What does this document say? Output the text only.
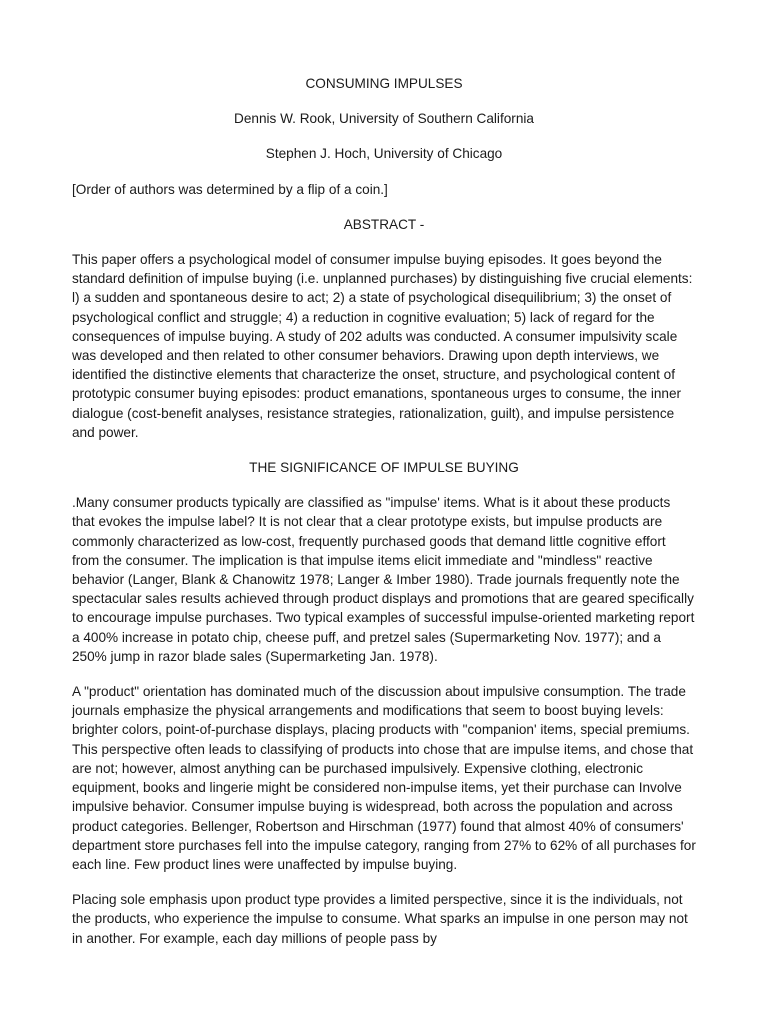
CONSUMING IMPULSES

Dennis W. Rook, University of Southern California

Stephen J. Hoch, University of Chicago

[Order of authors was determined by a flip of a coin.]

ABSTRACT -

This paper offers a psychological model of consumer impulse buying episodes. It goes beyond the standard definition of impulse buying (i.e. unplanned purchases) by distinguishing five crucial elements: l) a sudden and spontaneous desire to act; 2) a state of psychological disequilibrium; 3) the onset of psychological conflict and struggle; 4) a reduction in cognitive evaluation; 5) lack of regard for the consequences of impulse buying. A study of 202 adults was conducted. A consumer impulsivity scale was developed and then related to other consumer behaviors. Drawing upon depth interviews, we identified the distinctive elements that characterize the onset, structure, and psychological content of prototypic consumer buying episodes: product emanations, spontaneous urges to consume, the inner dialogue (cost-benefit analyses, resistance strategies, rationalization, guilt), and impulse persistence and power.

THE SIGNIFICANCE OF IMPULSE BUYING

.Many consumer products typically are classified as "impulse' items. What is it about these products that evokes the impulse label? It is not clear that a clear prototype exists, but impulse products are commonly characterized as low-cost, frequently purchased goods that demand little cognitive effort from the consumer. The implication is that impulse items elicit immediate and "mindless" reactive behavior (Langer, Blank & Chanowitz 1978; Langer & Imber 1980). Trade journals frequently note the spectacular sales results achieved through product displays and promotions that are geared specifically to encourage impulse purchases. Two typical examples of successful impulse-oriented marketing report a 400% increase in potato chip, cheese puff, and pretzel sales (Supermarketing Nov. 1977); and a 250% jump in razor blade sales (Supermarketing Jan. 1978).

A "product" orientation has dominated much of the discussion about impulsive consumption. The trade journals emphasize the physical arrangements and modifications that seem to boost buying levels: brighter colors, point-of-purchase displays, placing products with "companion' items, special premiums. This perspective often leads to classifying of products into chose that are impulse items, and chose that are not; however, almost anything can be purchased impulsively. Expensive clothing, electronic equipment, books and lingerie might be considered non-impulse items, yet their purchase can Involve impulsive behavior. Consumer impulse buying is widespread, both across the population and across product categories. Bellenger, Robertson and Hirschman (1977) found that almost 40% of consumers' department store purchases fell into the impulse category, ranging from 27% to 62% of all purchases for each line. Few product lines were unaffected by impulse buying.

Placing sole emphasis upon product type provides a limited perspective, since it is the individuals, not the products, who experience the impulse to consume. What sparks an impulse in one person may not in another. For example, each day millions of people pass by
